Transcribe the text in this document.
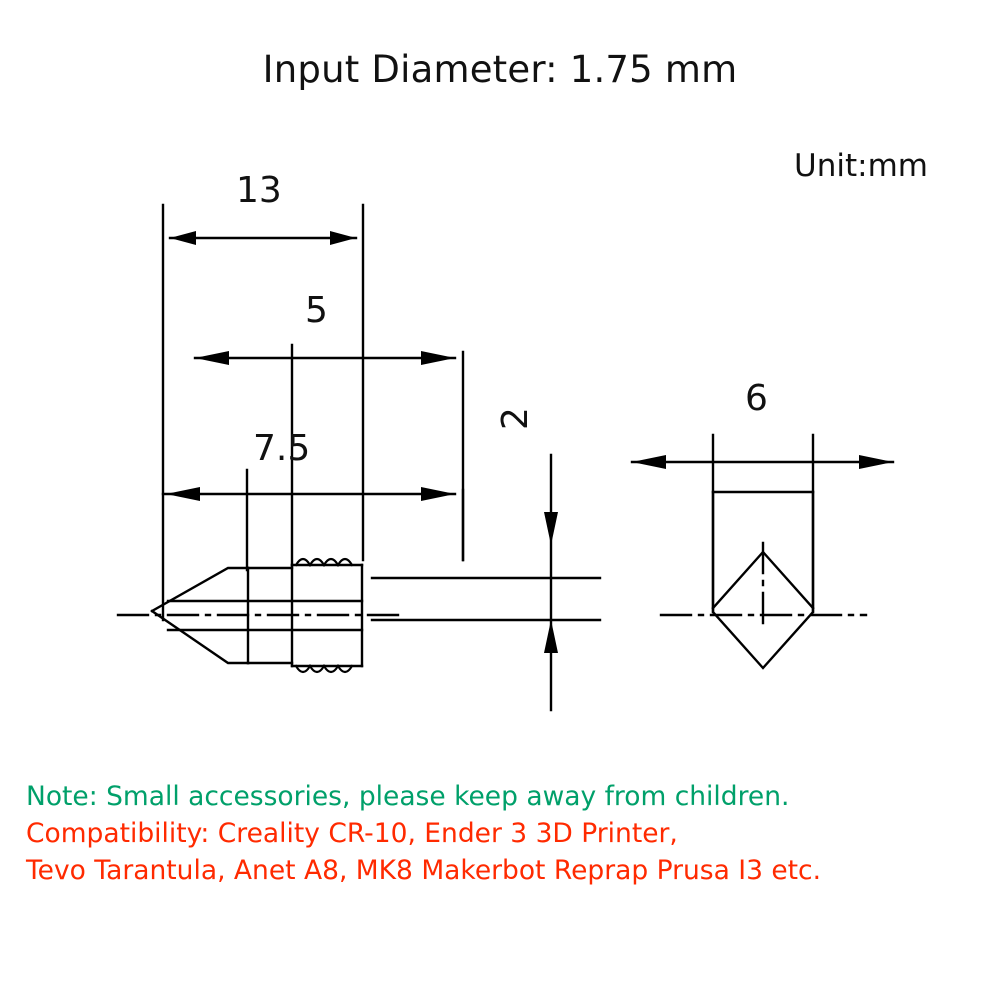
Input Diameter: 1.75 mm
Unit:mm
13
5
7.5
2	6
Note: Small accessories, please keep away from children.
Compatibility: Creality CR-10, Ender 3 3D Printer,
Tevo Tarantula, Anet A8, MK8 Makerbot Reprap Prusa I3 etc.
